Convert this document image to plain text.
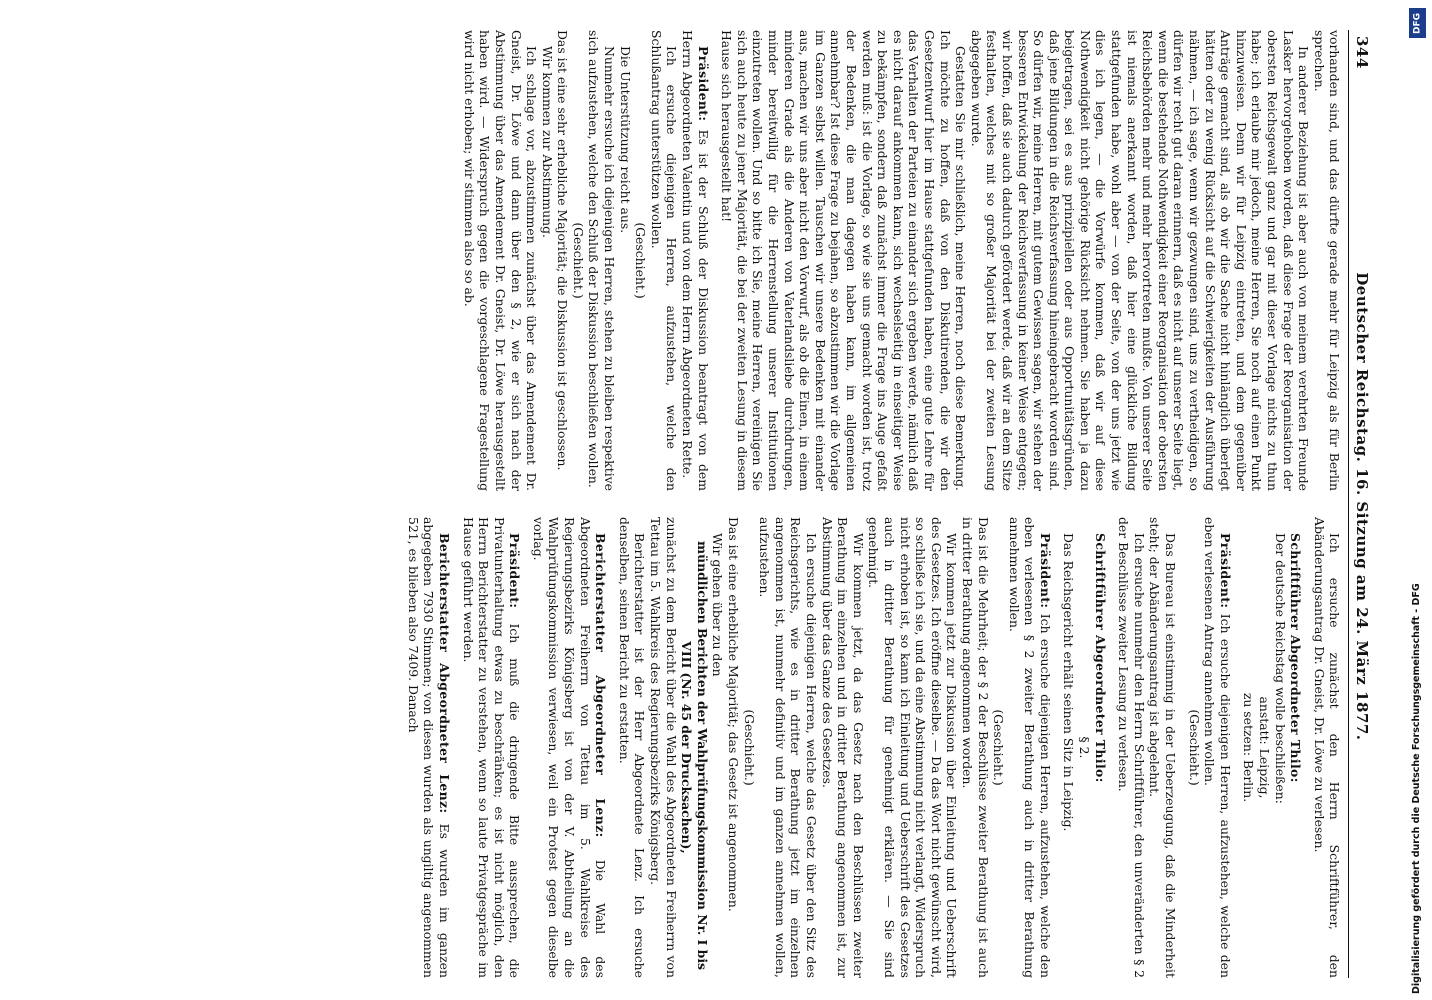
344
Deutscher Reichstag. 16. Sitzung am 24. März 1877.

vorhanden sind, und das dürfte gerade mehr für Leipzig als für Berlin sprechen.

In anderer Beziehung ist aber auch von meinem verehrten Freunde Lasker hervorgehoben worden, daß diese Frage der Reorganisation der obersten Reichsgewalt ganz und gar mit dieser Vorlage nichts zu thun habe; ich erlaube mir jedoch, meine Herren, Sie noch auf einen Punkt hinzuweisen. Denn wir für Leipzig eintreten, und dem gegenüber Anträge gemacht sind, als ob wir die Sache nicht hinlänglich überlegt hätten oder zu wenig Rücksicht auf die Schwierigkeiten der Ausführung nähmen, — ich sage, wenn wir gezwungen sind, uns zu vertheidigen, so dürfen wir recht gut daran erinnern, daß es nicht auf unserer Seite liegt, wenn die bestehende Nothwendigkeit einer Reorganisation der obersten Reichsbehörden mehr und mehr hervortreten mußte. Von unserer Seite ist niemals anerkannt worden, daß hier eine glückliche Bildung stattgefunden habe, wohl aber — von der Seite, von der uns jetzt wie dies ich legen, — die Vorwürfe kommen, daß wir auf diese Nothwendigkeit nicht gehörige Rücksicht nehmen. Sie haben ja dazu beigetragen, sei es aus prinzipiellen oder aus Opportunitätsgründen, daß jene Bildungen in die Reichsverfassung hineingebracht worden sind. So dürfen wir, meine Herren, mit gutem Gewissen sagen, wir stehen der besseren Entwickelung der Reichsverfassung in keiner Weise entgegen; wir hoffen, daß sie auch dadurch gefördert werde, daß wir an dem Sitze festhalten, welches mit so großer Majorität bei der zweiten Lesung abgegeben wurde.

Gestatten Sie mir schließlich, meine Herren, noch diese Bemerkung. Ich möchte zu hoffen, daß von den Diskutirenden, die wir den Gesetzentwurf hier im Hause stattgefunden haben, eine gute Lehre für das Verhalten der Parteien zu einander sich ergeben werde, nämlich daß es nicht darauf ankommen kann, sich wechselseitig in einseitiger Weise zu bekämpfen, sondern daß zunächst immer die Frage ins Auge gefaßt werden muß: ist die Vorlage, so wie sie uns gemacht worden ist, trotz der Bedenken, die man dagegen haben kann, im allgemeinen annehmbar? Ist diese Frage zu bejahen, so abzustimmen wir die Vorlage im Ganzen selbst willen. Tauschen wir unsere Bedenken mit einander aus, machen wir uns aber nicht den Vorwurf, als ob die Einen, in einem minderen Grade als die Anderen von Vaterlandsliebe durchdrungen, minder bereitwillig für die Herrenstellung unserer Institutionen einzutreten wollen. Und so bitte ich Sie, meine Herren, vereinigen Sie sich auch heute zu jener Majorität, die bei der zweiten Lesung in diesem Hause sich herausgestellt hat!

Präsident: Es ist der Schluß der Diskussion beantragt von dem Herrn Abgeordneten Valentin und von dem Herrn Abgeordneten Rette.

Ich ersuche diejenigen Herren, aufzustehen, welche den Schlußantrag unterstützen wollen.

(Geschieht.)

Die Unterstützung reicht aus.

Nunmehr ersuche ich diejenigen Herren, stehen zu bleiben respektive sich aufzustehen, welche den Schluß der Diskussion beschließen wollen.

(Geschieht.)

Das ist eine sehr erhebliche Majorität; die Diskussion ist geschlossen.

Wir kommen zur Abstimmung.

Ich schlage vor, abzustimmen zunächst über das Amendement Dr. Gneist, Dr. Löwe und dann über den § 2, wie er sich nach der Abstimmung über das Amendement Dr. Gneist, Dr. Löwe herausgestellt haben wird. — Widerspruch gegen die vorgeschlagene Fragestellung wird nicht erhoben; wir stimmen also so ab.

Ich ersuche zunächst den Herrn Schriftführer, den Abänderungsantrag Dr. Gneist, Dr. Löwe zu verlesen.

Schriftführer Abgeordneter Thilo:

Der deutsche Reichstag wolle beschließen:

anstatt: Leipzig,

zu setzen: Berlin.

Präsident: Ich ersuche diejenigen Herren, aufzustehen, welche den eben verlesenen Antrag annehmen wollen.

(Geschieht.)

Das Bureau ist einstimmig in der Ueberzeugung, daß die Minderheit steht; der Abänderungsantrag ist abgelehnt.

Ich ersuche nunmehr den Herrn Schriftführer, den unveränderten § 2 der Beschlüsse zweiter Lesung zu verlesen.

Schriftführer Abgeordneter Thilo:

§ 2.

Das Reichsgericht erhält seinen Sitz in Leipzig.

Präsident: Ich ersuche diejenigen Herren, aufzustehen, welche den eben verlesenen § 2 zweiter Berathung auch in dritter Berathung annehmen wollen.

(Geschieht.)

Das ist die Mehrheit; der § 2 der Beschlüsse zweiter Berathung ist auch in dritter Berathung angenommen worden.

Wir kommen jetzt zur Diskussion über Einleitung und Ueberschrift des Gesetzes. Ich eröffne dieselbe. — Da das Wort nicht gewünscht wird, so schließe ich sie, und da eine Abstimmung nicht verlangt, Widerspruch nicht erhoben ist, so kann ich Einleitung und Ueberschrift des Gesetzes auch in dritter Berathung für genehmigt erklären. — Sie sind genehmigt.

Wir kommen jetzt, da das Gesetz nach den Beschlüssen zweiter Berathung im einzelnen und in dritter Berathung angenommen ist, zur Abstimmung über das Ganze des Gesetzes.

Ich ersuche diejenigen Herren, welche das Gesetz über den Sitz des Reichsgerichts, wie es in dritter Berathung jetzt im einzelnen angenommen ist, nunmehr definitiv und im ganzen annehmen wollen, aufzustehen.

(Geschieht.)

Das ist eine erhebliche Majorität; das Gesetz ist angenommen.

Wir gehen über zu den

mündlichen Berichten der Wahlprüfungskommission Nr. I bis VIII (Nr. 45 der Drucksachen),

zunächst zu dem Bericht über die Wahl des Abgeordneten Freiherrn von Tettau im 5. Wahlkreis des Regierungsbezirks Königsberg.

Berichterstatter ist der Herr Abgeordnete Lenz. Ich ersuche denselben, seinen Bericht zu erstatten.

Berichterstatter Abgeordneter Lenz: Die Wahl des Abgeordneten Freiherrn von Tettau im 5. Wahlkreise des Regierungsbezirks Königsberg ist von der V. Abtheilung an die Wahlprüfungskommission verwiesen, weil ein Protest gegen dieselbe vorlag.

Präsident: Ich muß die dringende Bitte aussprechen, die Privatunterhaltung etwas zu beschränken; es ist nicht möglich, den Herrn Berichterstatter zu verstehen, wenn so laute Privatgespräche im Hause geführt werden.

Berichterstatter Abgeordneter Lenz: Es wurden im ganzen abgegeben 7930 Stimmen; von diesen wurden als ungiltig angenommen 521, es blieben also 7409. Danach

DFG
Digitalisierung gefördert durch die Deutsche Forschungsgemeinschaft - DFG
